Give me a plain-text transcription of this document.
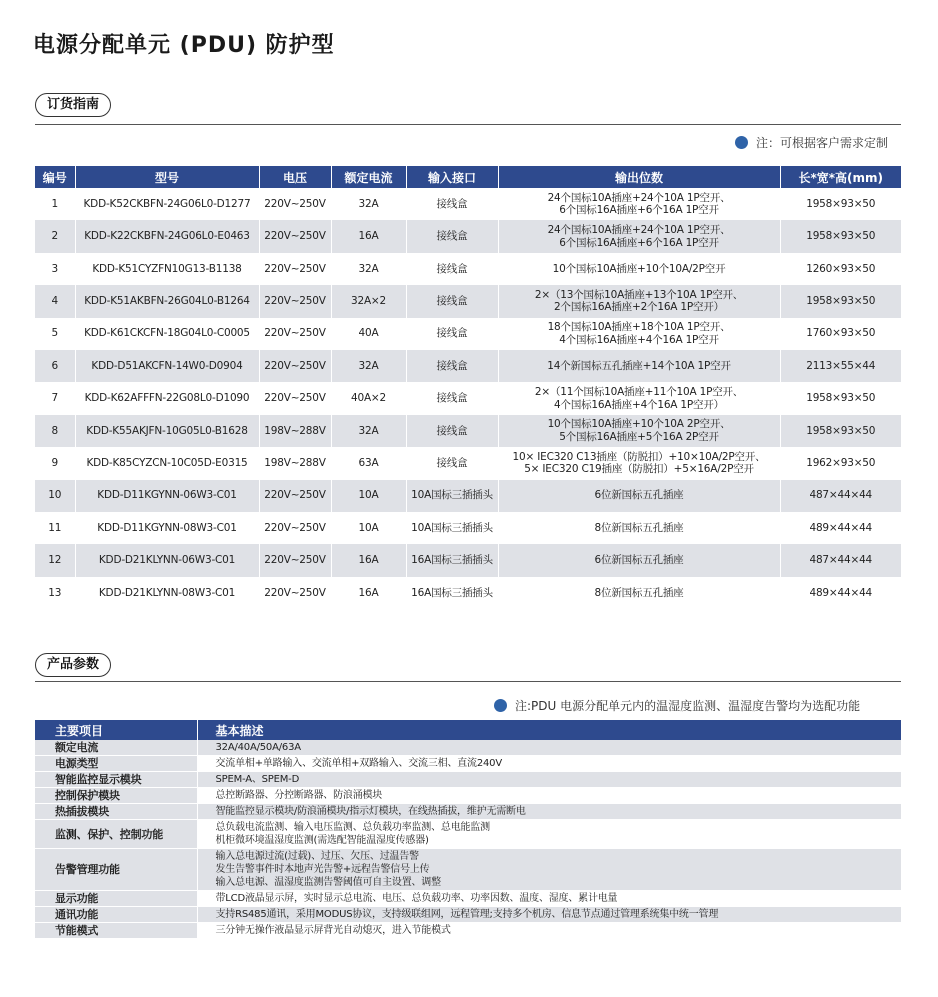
电源分配单元 (PDU) 防护型
订货指南
注：可根据客户需求定制
编号	型号	电压	额定电流	输入接口	输出位数	长*宽*高(mm)
1	KDD-K52CKBFN-24G06L0-D1277	220V~250V	32A	接线盒	24个国标10A插座+24个10A 1P空开、
6个国标16A插座+6个16A 1P空开	1958×93×50
2	KDD-K22CKBFN-24G06L0-E0463	220V~250V	16A	接线盒	24个国标10A插座+24个10A 1P空开、
6个国标16A插座+6个16A 1P空开	1958×93×50
3	KDD-K51CYZFN10G13-B1138	220V~250V	32A	接线盒	10个国标10A插座+10个10A/2P空开	1260×93×50
4	KDD-K51AKBFN-26G04L0-B1264	220V~250V	32A×2	接线盒	2×（13个国标10A插座+13个10A 1P空开、
2个国标16A插座+2个16A 1P空开）	1958×93×50
5	KDD-K61CKCFN-18G04L0-C0005	220V~250V	40A	接线盒	18个国标10A插座+18个10A 1P空开、
4个国标16A插座+4个16A 1P空开	1760×93×50
6	KDD-D51AKCFN-14W0-D0904	220V~250V	32A	接线盒	14个新国标五孔插座+14个10A 1P空开	2113×55×44
7	KDD-K62AFFFN-22G08L0-D1090	220V~250V	40A×2	接线盒	2×（11个国标10A插座+11个10A 1P空开、
4个国标16A插座+4个16A 1P空开）	1958×93×50
8	KDD-K55AKJFN-10G05L0-B1628	198V~288V	32A	接线盒	10个国标10A插座+10个10A 2P空开、
5个国标16A插座+5个16A 2P空开	1958×93×50
9	KDD-K85CYZCN-10C05D-E0315	198V~288V	63A	接线盒	10× IEC320 C13插座（防脱扣）+10×10A/2P空开、
5× IEC320 C19插座（防脱扣）+5×16A/2P空开	1962×93×50
10	KDD-D11KGYNN-06W3-C01	220V~250V	10A	10A国标三插插头	6位新国标五孔插座	487×44×44
11	KDD-D11KGYNN-08W3-C01	220V~250V	10A	10A国标三插插头	8位新国标五孔插座	489×44×44
12	KDD-D21KLYNN-06W3-C01	220V~250V	16A	16A国标三插插头	6位新国标五孔插座	487×44×44
13	KDD-D21KLYNN-08W3-C01	220V~250V	16A	16A国标三插插头	8位新国标五孔插座	489×44×44
产品参数
注:PDU 电源分配单元内的温湿度监测、温湿度告警均为选配功能
主要项目	基本描述
额定电流	32A/40A/50A/63A
电源类型	交流单相+单路输入、交流单相+双路输入、交流三相、直流240V
智能监控显示模块	SPEM-A、SPEM-D
控制保护模块	总控断路器、分控断路器、防浪涌模块
热插拔模块	智能监控显示模块/防浪涌模块/指示灯模块，在线热插拔，维护无需断电
监测、保护、控制功能	总负载电流监测、输入电压监测、总负载功率监测、总电能监测
机柜微环境温湿度监测(需选配智能温湿度传感器)
告警管理功能	输入总电源过流(过载)、过压、欠压、过温告警
发生告警事件时本地声光告警+远程告警信号上传
输入总电源、温湿度监测告警阈值可自主设置、调整
显示功能	带LCD液晶显示屏，实时显示总电流、电压、总负载功率、功率因数、温度、湿度、累计电量
通讯功能	支持RS485通讯，采用MODUS协议，支持级联组网，远程管理;支持多个机房、信息节点通过管理系统集中统一管理
节能模式	三分钟无操作液晶显示屏背光自动熄灭，进入节能模式
